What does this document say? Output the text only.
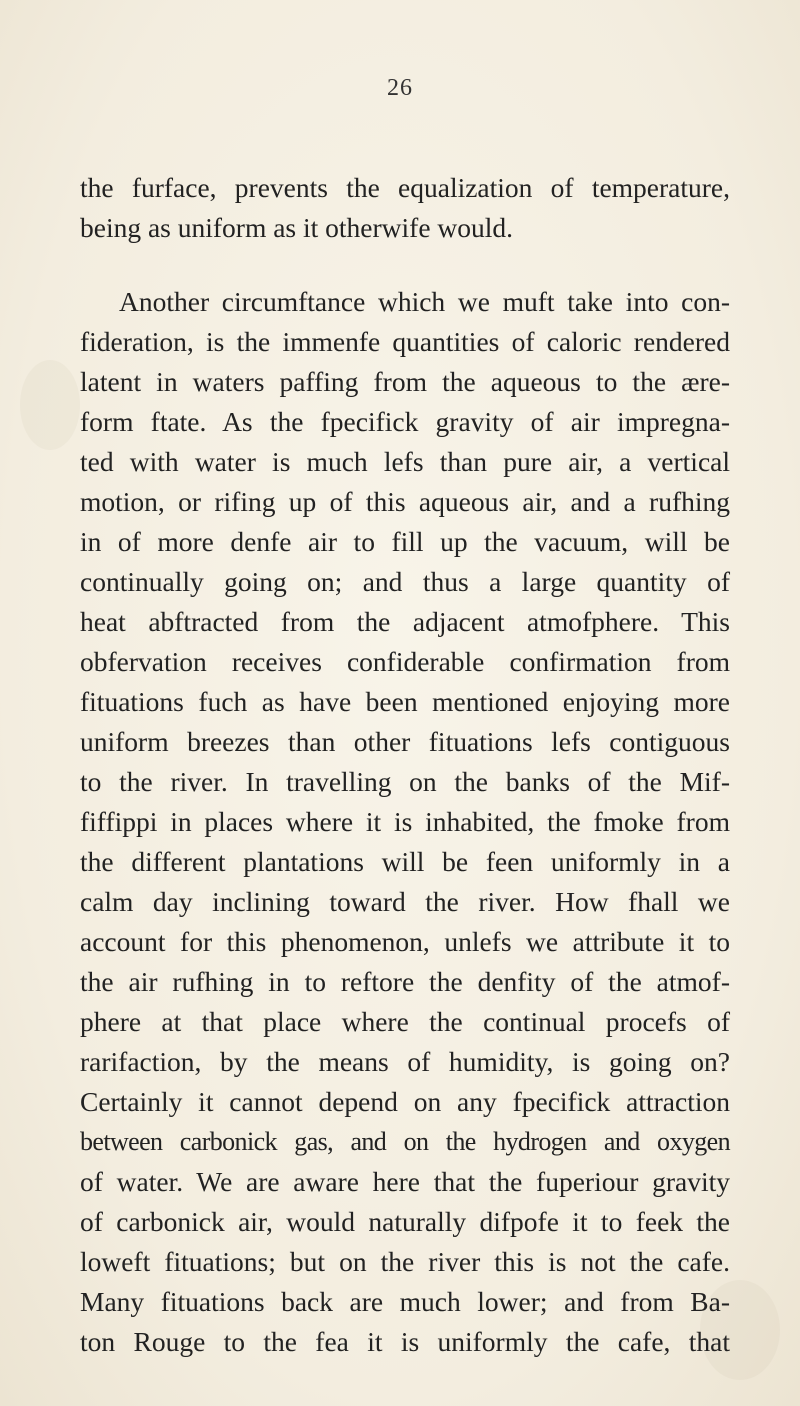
26
the furface, prevents the equalization of temperature,
being as uniform as it otherwife would.
Another circumftance which we muft take into con-
fideration, is the immenfe quantities of caloric rendered
latent in waters paffing from the aqueous to the ære-
form ftate. As the fpecifick gravity of air impregna-
ted with water is much lefs than pure air, a vertical
motion, or rifing up of this aqueous air, and a rufhing
in of more denfe air to fill up the vacuum, will be
continually going on; and thus a large quantity of
heat abftracted from the adjacent atmofphere. This
obfervation receives confiderable confirmation from
fituations fuch as have been mentioned enjoying more
uniform breezes than other fituations lefs contiguous
to the river. In travelling on the banks of the Mif-
fiffippi in places where it is inhabited, the fmoke from
the different plantations will be feen uniformly in a
calm day inclining toward the river. How fhall we
account for this phenomenon, unlefs we attribute it to
the air rufhing in to reftore the denfity of the atmof-
phere at that place where the continual procefs of
rarifaction, by the means of humidity, is going on?
Certainly it cannot depend on any fpecifick attraction
between carbonick gas, and on the hydrogen and oxygen
of water. We are aware here that the fuperiour gravity
of carbonick air, would naturally difpofe it to feek the
loweft fituations; but on the river this is not the cafe.
Many fituations back are much lower; and from Ba-
ton Rouge to the fea it is uniformly the cafe, that
